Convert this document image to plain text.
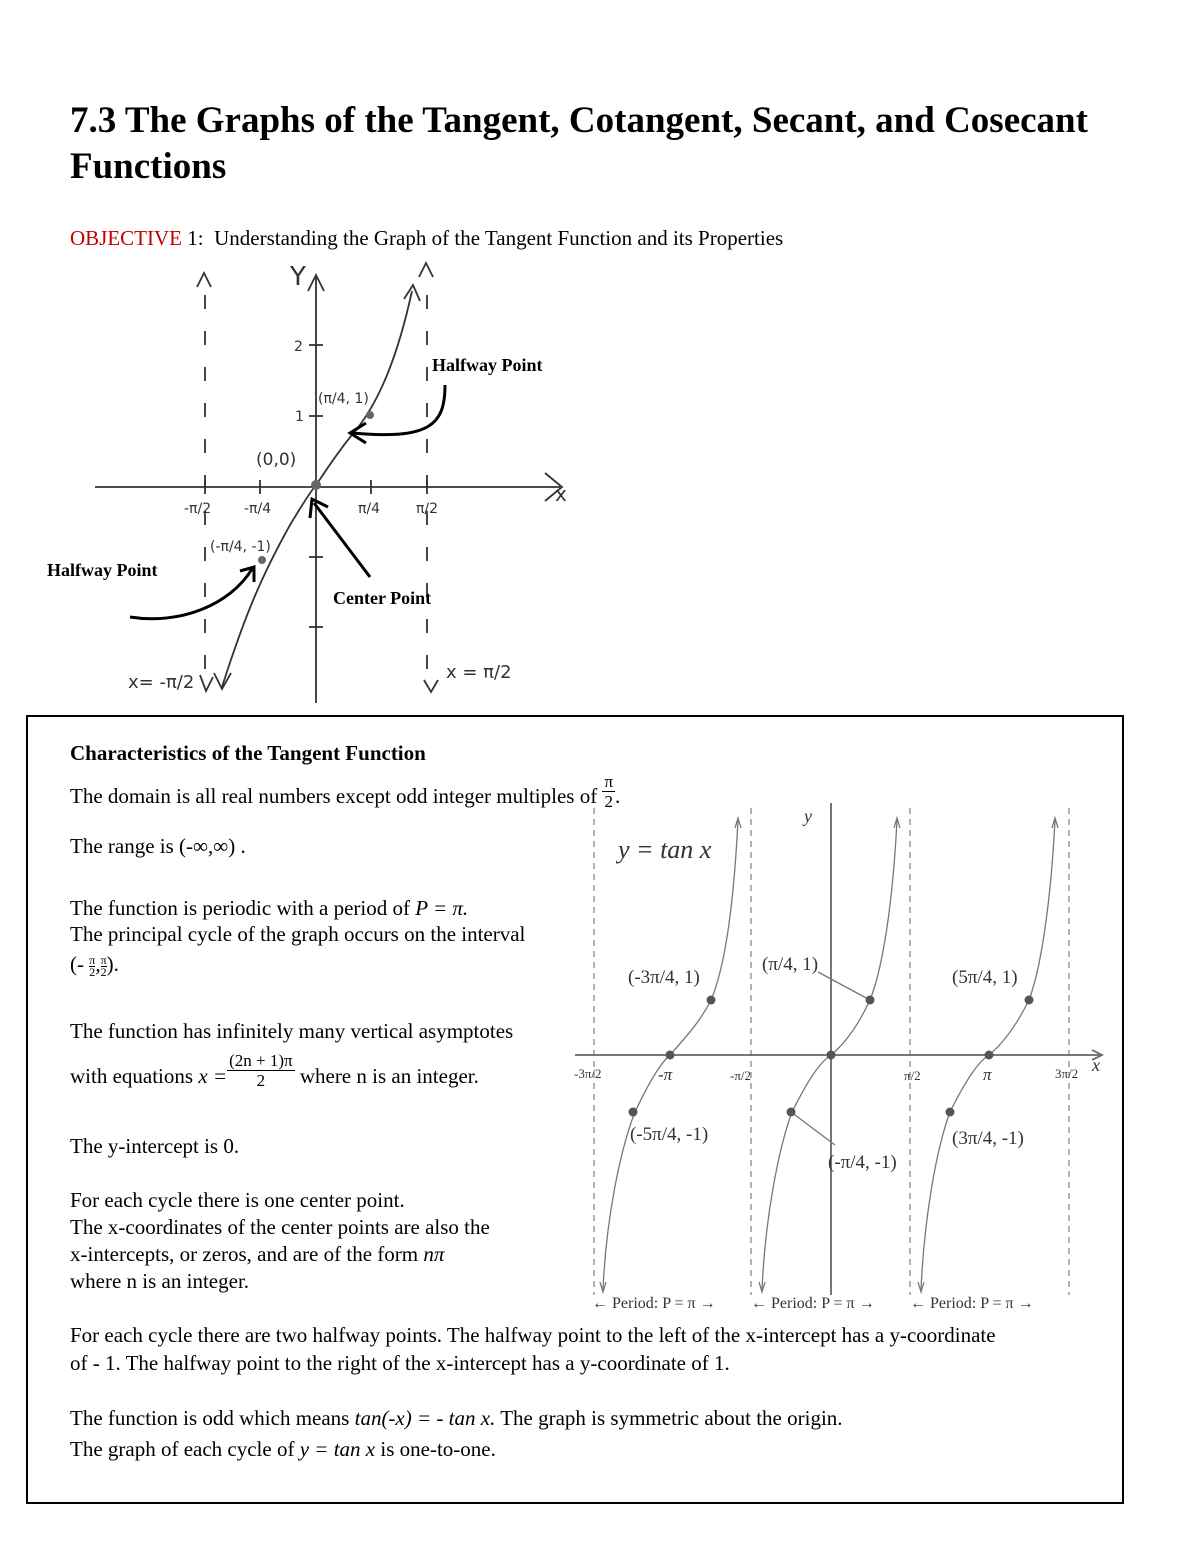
7.3 The Graphs of the Tangent, Cotangent, Secant, and Cosecant Functions
OBJECTIVE 1: Understanding the Graph of the Tangent Function and its Properties
Y
x
2
1
(0,0)
(π/4, 1)
(-π/4, -1)
-π/2 -π/4	π/4	π/2
x= -π/2	x = π/2
Halfway Point
Halfway Point
Center Point
Characteristics of the Tangent Function
The domain is all real numbers except odd integer multiples of $\frac{\pi}{2}$ .
The range is (-∞,∞) .
The function is periodic with a period of P = π.
The principal cycle of the graph occurs on the interval
(- $\frac{\pi}{2}$, $\frac{\pi}{2}$).
The function has infinitely many vertical asymptotes
with equations $x = \frac{(2n + 1)\pi}{2}$ where n is an integer.
The y-intercept is 0.
For each cycle there is one center point.
The x-coordinates of the center points are also the
x-intercepts, or zeros, and are of the form nπ
where n is an integer.
For each cycle there are two halfway points. The halfway point to the left of the x-intercept has a y-coordinate
of - 1. The halfway point to the right of the x-intercept has a y-coordinate of 1.
The function is odd which means tan(-x) = - tan x. The graph is symmetric about the origin.
The graph of each cycle of y = tan x is one-to-one.
y = tan x
y
x
-3π/2	-π	-π/2	π/2	π	3π/2
(-3π/4, 1)
(-5π/4, -1)
(π/4, 1)
(-π/4, -1)
(5π/4, 1)
(3π/4, -1)
← Period: P = π → ← Period: P = π → ← Period: P = π →
